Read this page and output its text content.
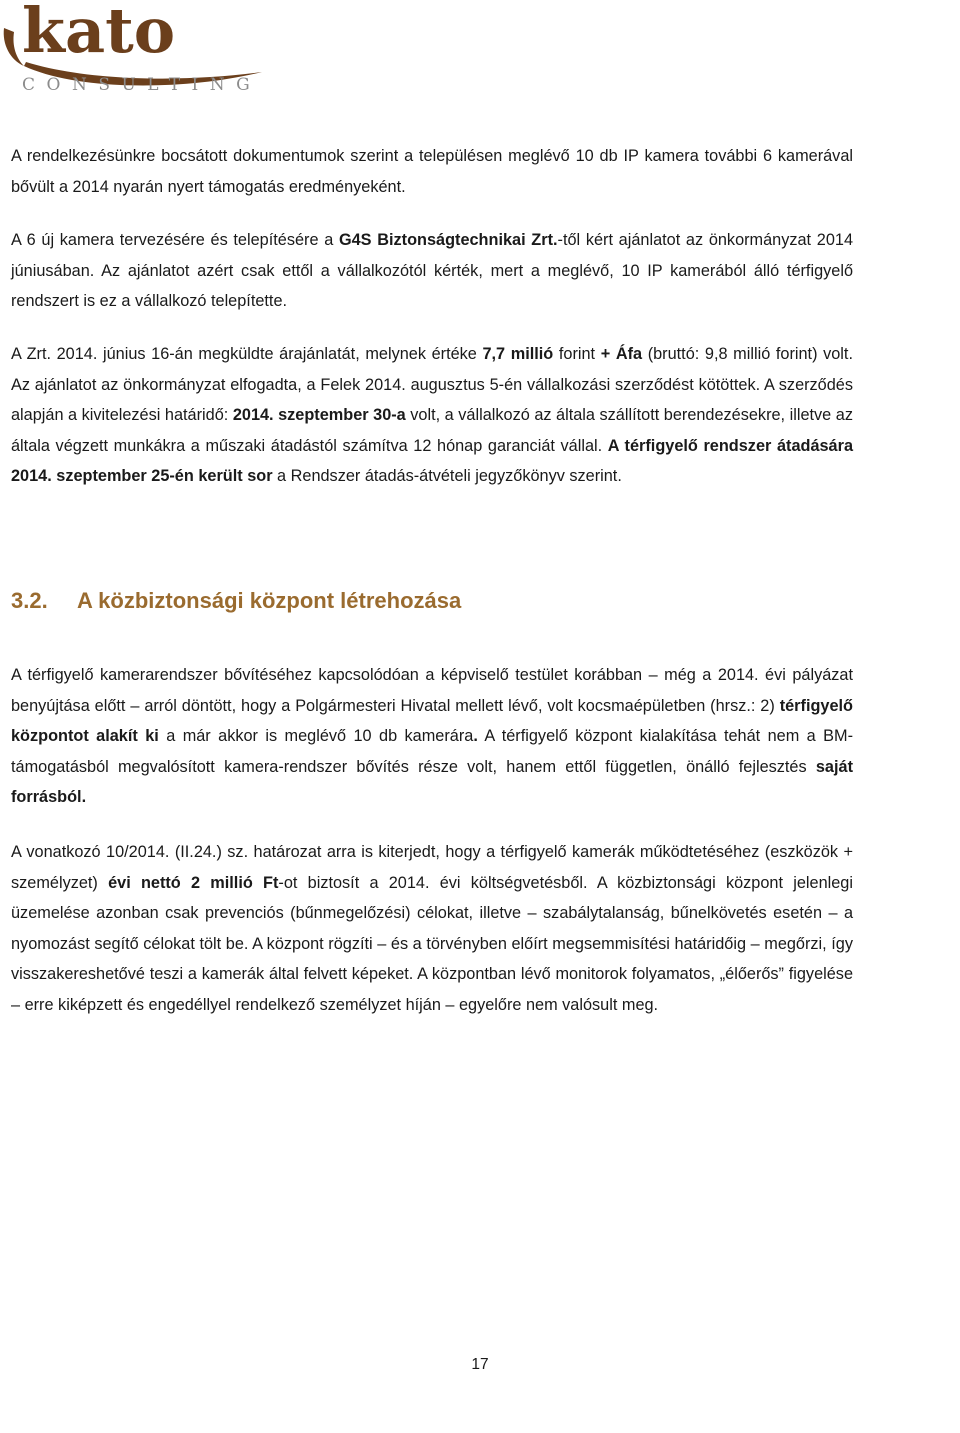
kato
CONSULTING

A rendelkezésünkre bocsátott dokumentumok szerint a településen meglévő 10 db IP kamera további 6 kamerával bővült a 2014 nyarán nyert támogatás eredményeként.

A 6 új kamera tervezésére és telepítésére a G4S Biztonságtechnikai Zrt.-től kért ajánlatot az önkormányzat 2014 júniusában. Az ajánlatot azért csak ettől a vállalkozótól kérték, mert a meglévő, 10 IP kamerából álló térfigyelő rendszert is ez a vállalkozó telepítette.

A Zrt. 2014. június 16-án megküldte árajánlatát, melynek értéke 7,7 millió forint + Áfa (bruttó: 9,8 millió forint) volt. Az ajánlatot az önkormányzat elfogadta, a Felek 2014. augusztus 5-én vállalkozási szerződést kötöttek. A szerződés alapján a kivitelezési határidő: 2014. szeptember 30-a volt, a vállalkozó az általa szállított berendezésekre, illetve az általa végzett munkákra a műszaki átadástól számítva 12 hónap garanciát vállal. A térfigyelő rendszer átadására 2014. szeptember 25-én került sor a Rendszer átadás-átvételi jegyzőkönyv szerint.

3.2. A közbiztonsági központ létrehozása

A térfigyelő kamerarendszer bővítéséhez kapcsolódóan a képviselő testület korábban – még a 2014. évi pályázat benyújtása előtt – arról döntött, hogy a Polgármesteri Hivatal mellett lévő, volt kocsmaépületben (hrsz.: 2) térfigyelő központot alakít ki a már akkor is meglévő 10 db kamerára. A térfigyelő központ kialakítása tehát nem a BM-támogatásból megvalósított kamera-rendszer bővítés része volt, hanem ettől független, önálló fejlesztés saját forrásból.

A vonatkozó 10/2014. (II.24.) sz. határozat arra is kiterjedt, hogy a térfigyelő kamerák működtetéséhez (eszközök + személyzet) évi nettó 2 millió Ft-ot biztosít a 2014. évi költségvetésből. A közbiztonsági központ jelenlegi üzemelése azonban csak prevenciós (bűnmegelőzési) célokat, illetve – szabálytalanság, bűnelkövetés esetén – a nyomozást segítő célokat tölt be. A központ rögzíti – és a törvényben előírt megsemmisítési határidőig – megőrzi, így visszakereshetővé teszi a kamerák által felvett képeket. A központban lévő monitorok folyamatos, „élőerős” figyelése – erre kiképzett és engedéllyel rendelkező személyzet híján – egyelőre nem valósult meg.

17
